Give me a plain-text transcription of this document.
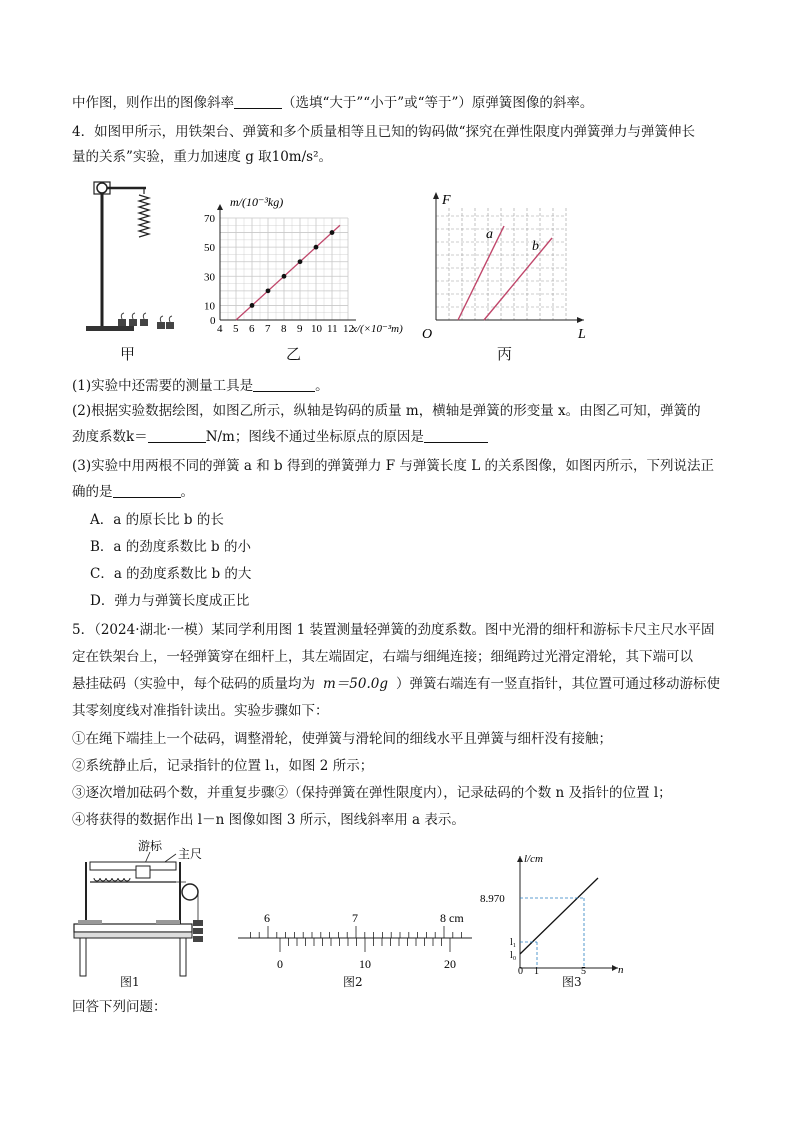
中作图，则作出的图像斜率	（选填“大于”“小于”或“等于”）原弹簧图像的斜率。
4．如图甲所示，用铁架台、弹簧和多个质量相等且已知的钩码做“探究在弹性限度内弹簧弹力与弹簧伸长
量的关系”实验，重力加速度 g 取10m/s²。
甲
4 5 6 7 8 9 10 11 12
0
10
30
50
70
m/(10⁻³kg)
x/(×10⁻³m)
乙
F
L
O
a
b
丙
(1)实验中还需要的测量工具是	。
(2)根据实验数据绘图，如图乙所示，纵轴是钩码的质量 m，横轴是弹簧的形变量 x。由图乙可知，弹簧的
劲度系数k＝	N/m；图线不通过坐标原点的原因是
(3)实验中用两根不同的弹簧 a 和 b 得到的弹簧弹力 F 与弹簧长度 L 的关系图像，如图丙所示，下列说法正
确的是	。
A．a 的原长比 b 的长
B．a 的劲度系数比 b 的小
C．a 的劲度系数比 b 的大
D．弹力与弹簧长度成正比
5．（2024·湖北·一模）某同学利用图 1 装置测量轻弹簧的劲度系数。图中光滑的细杆和游标卡尺主尺水平固
定在铁架台上，一轻弹簧穿在细杆上，其左端固定，右端与细绳连接；细绳跨过光滑定滑轮，其下端可以
悬挂砝码（实验中，每个砝码的质量均为 m＝50.0g ）弹簧右端连有一竖直指针，其位置可通过移动游标使
其零刻度线对准指针读出。实验步骤如下：
①在绳下端挂上一个砝码，调整滑轮，使弹簧与滑轮间的细线水平且弹簧与细杆没有接触；
②系统静止后，记录指针的位置 l₁，如图 2 所示；
③逐次增加砝码个数，并重复步骤②（保持弹簧在弹性限度内），记录砝码的个数 n 及指针的位置 l；
④将获得的数据作出 l－n 图像如图 3 所示，图线斜率用 a 表示。
游标
主尺
图1
6	7	8 cm
0	10	20
图2
l/cm
n
8.970
l₁
l₀
0 1	5
图3
回答下列问题：
